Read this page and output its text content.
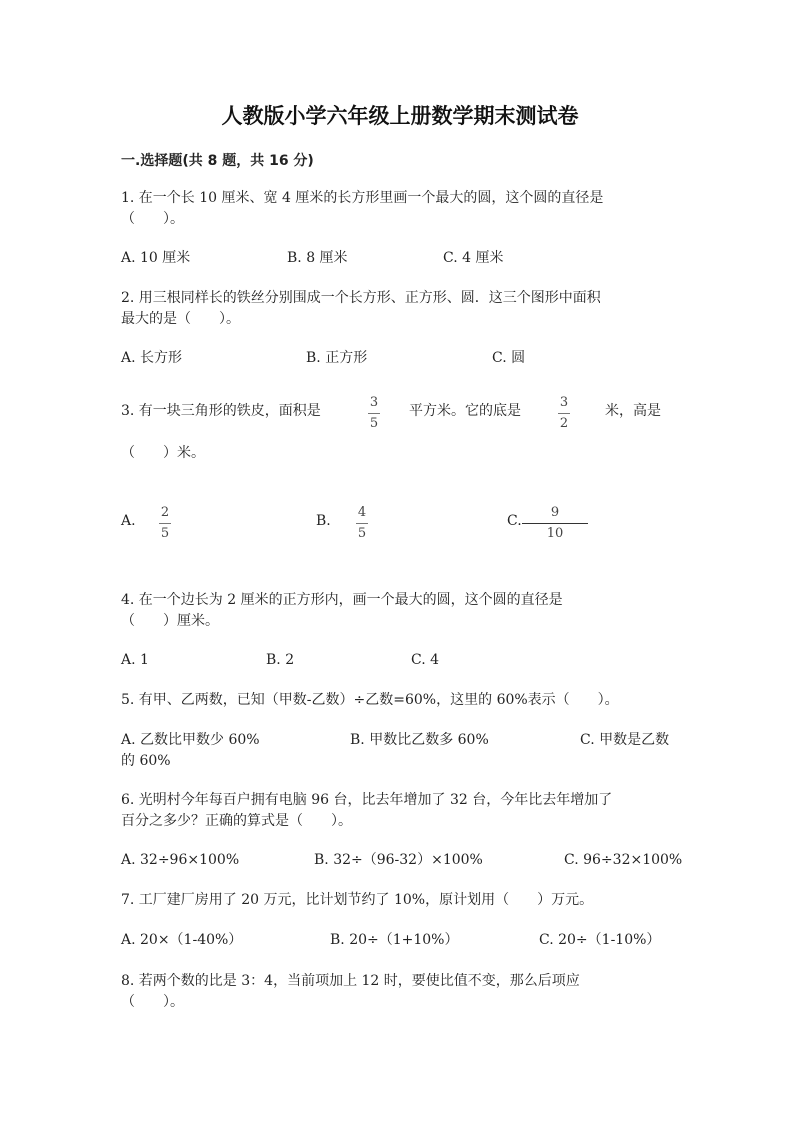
人教版小学六年级上册数学期末测试卷
一.选择题(共 8 题，共 16 分)
1. 在一个长 10 厘米、宽 4 厘米的长方形里画一个最大的圆，这个圆的直径是
（　　）。
A. 10 厘米	B. 8 厘米	C. 4 厘米
2. 用三根同样长的铁丝分别围成一个长方形、正方形、圆．这三个图形中面积
最大的是（　　）。
A. 长方形	B. 正方形	C. 圆
3. 有一块三角形的铁皮，面积是
3
5
平方米。它的底是
3
2
米，高是
（　　）米。
A.
2
5
B.
4
5
C.
9
10
4. 在一个边长为 2 厘米的正方形内，画一个最大的圆，这个圆的直径是
（　　）厘米。
A. 1	B. 2	C. 4
5. 有甲、乙两数，已知（甲数-乙数）÷乙数=60%，这里的 60%表示（　　）。
A. 乙数比甲数少 60%	B. 甲数比乙数多 60%	C. 甲数是乙数
的 60%
6. 光明村今年每百户拥有电脑 96 台，比去年增加了 32 台，今年比去年增加了
百分之多少？正确的算式是（　　）。
A. 32÷96×100%	B. 32÷（96-32）×100%	C. 96÷32×100%
7. 工厂建厂房用了 20 万元，比计划节约了 10%，原计划用（　　）万元。
A. 20×（1-40%）	B. 20÷（1+10%）	C. 20÷（1-10%）
8. 若两个数的比是 3：4，当前项加上 12 时，要使比值不变，那么后项应
（　　）。
